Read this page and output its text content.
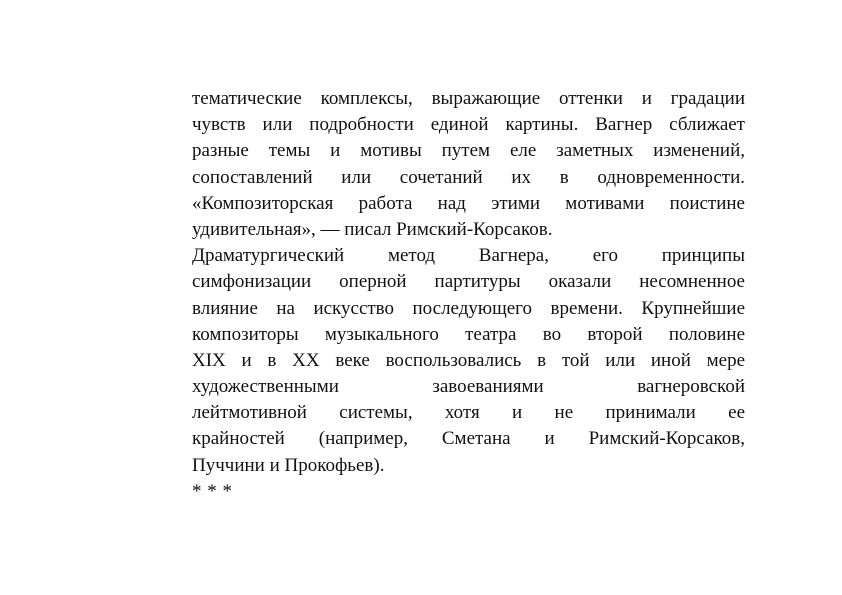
тематические комплексы, выражающие оттенки и градации
чувств или подробности единой картины. Вагнер сближает
разные темы и мотивы путем еле заметных изменений,
сопоставлений или сочетаний их в одновременности.
«Композиторская работа над этими мотивами поистине
удивительная», — писал Римский-Корсаков.
Драматургический метод Вагнера, его принципы
симфонизации оперной партитуры оказали несомненное
влияние на искусство последующего времени. Крупнейшие
композиторы музыкального театра во второй половине
XIX и в XX веке воспользовались в той или иной мере
художественными завоеваниями вагнеровской
лейтмотивной системы, хотя и не принимали ее
крайностей (например, Сметана и Римский-Корсаков,
Пуччини и Прокофьев).
* * *
